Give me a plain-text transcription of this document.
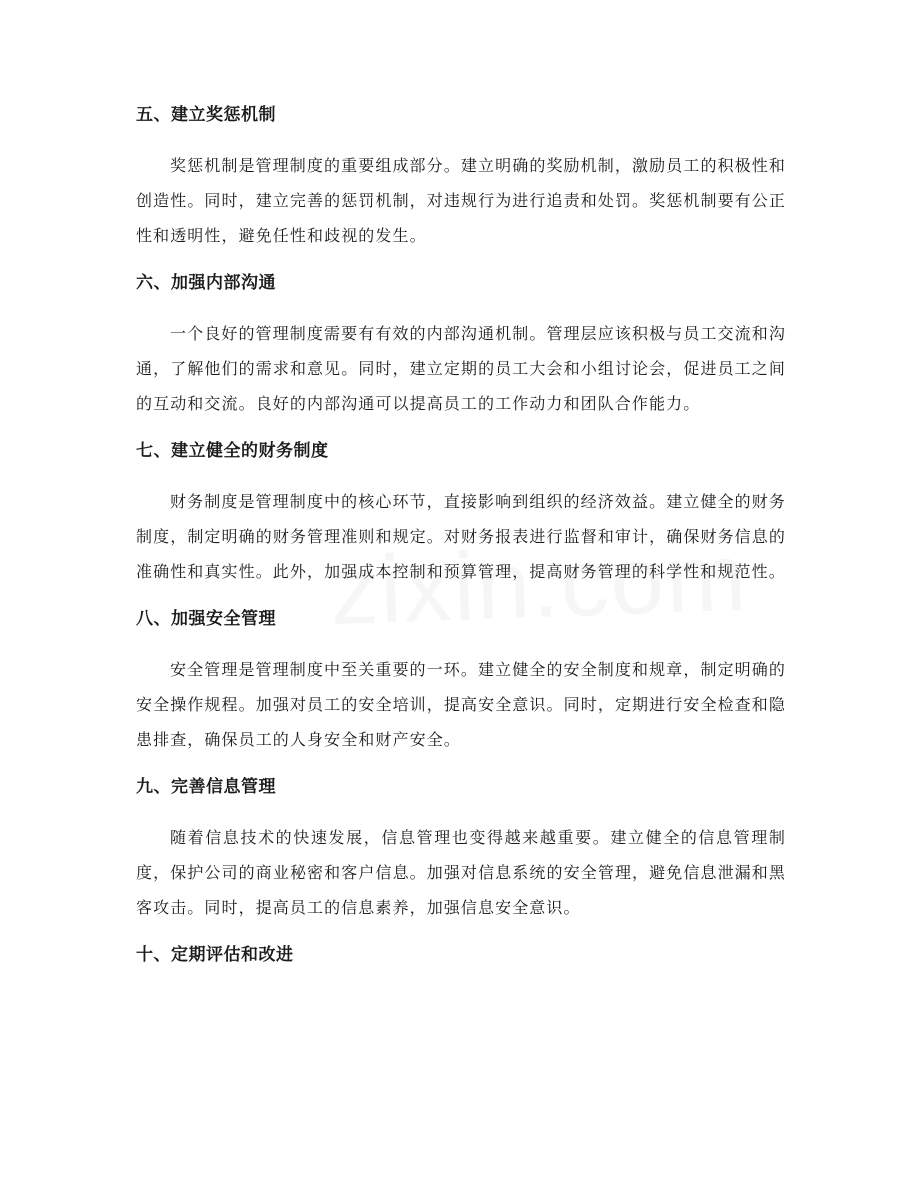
五、建立奖惩机制

奖惩机制是管理制度的重要组成部分。建立明确的奖励机制，激励员工的积极性和创造性。同时，建立完善的惩罚机制，对违规行为进行追责和处罚。奖惩机制要有公正性和透明性，避免任性和歧视的发生。

六、加强内部沟通

一个良好的管理制度需要有有效的内部沟通机制。管理层应该积极与员工交流和沟通，了解他们的需求和意见。同时，建立定期的员工大会和小组讨论会，促进员工之间的互动和交流。良好的内部沟通可以提高员工的工作动力和团队合作能力。

七、建立健全的财务制度

财务制度是管理制度中的核心环节，直接影响到组织的经济效益。建立健全的财务制度，制定明确的财务管理准则和规定。对财务报表进行监督和审计，确保财务信息的准确性和真实性。此外，加强成本控制和预算管理，提高财务管理的科学性和规范性。

八、加强安全管理

安全管理是管理制度中至关重要的一环。建立健全的安全制度和规章，制定明确的安全操作规程。加强对员工的安全培训，提高安全意识。同时，定期进行安全检查和隐患排查，确保员工的人身安全和财产安全。

九、完善信息管理

随着信息技术的快速发展，信息管理也变得越来越重要。建立健全的信息管理制度，保护公司的商业秘密和客户信息。加强对信息系统的安全管理，避免信息泄漏和黑客攻击。同时，提高员工的信息素养，加强信息安全意识。

十、定期评估和改进
